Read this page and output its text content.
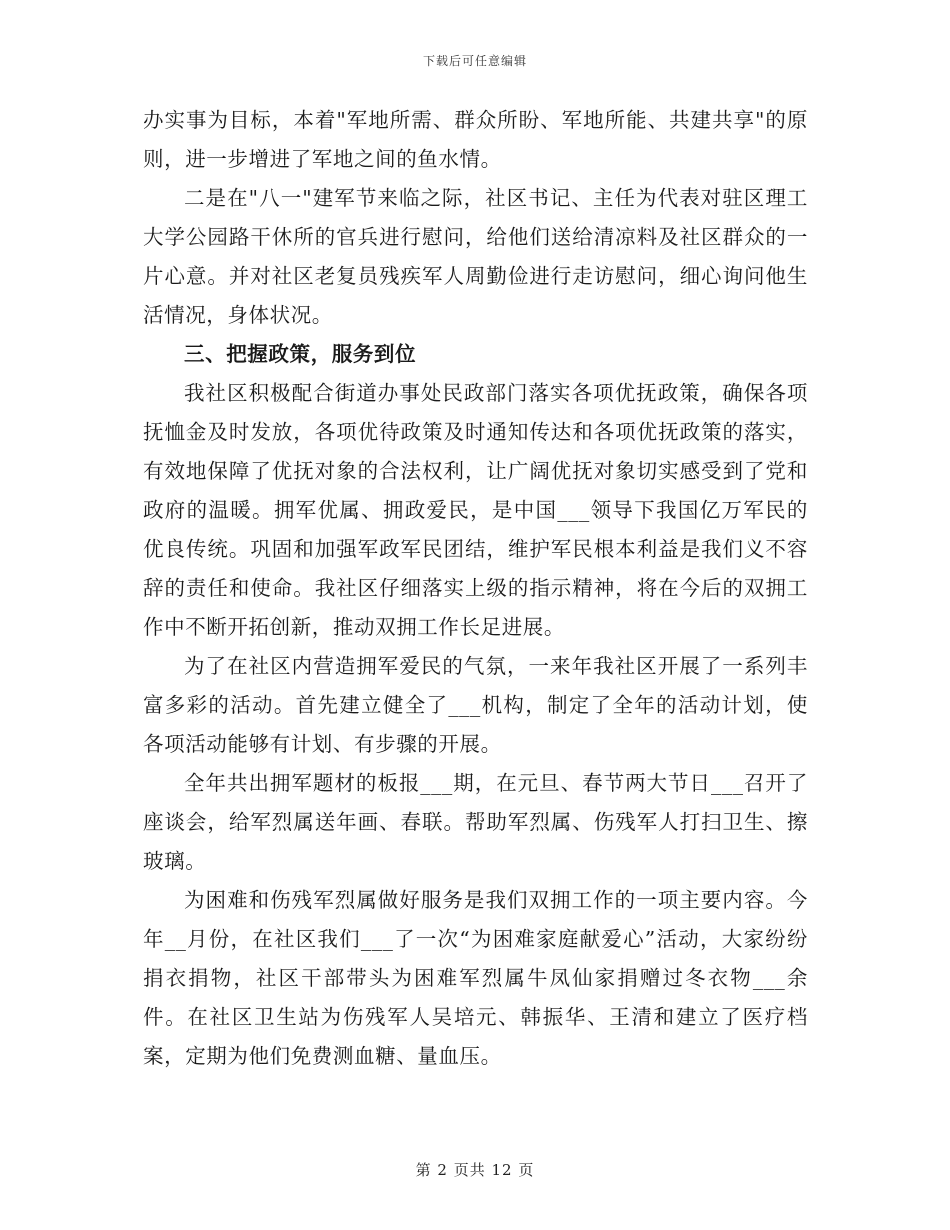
下载后可任意编辑

办实事为目标，本着"军地所需、群众所盼、军地所能、共建共享"的原则，进一步增进了军地之间的鱼水情。

二是在"八一"建军节来临之际，社区书记、主任为代表对驻区理工大学公园路干休所的官兵进行慰问，给他们送给清凉料及社区群众的一片心意。并对社区老复员残疾军人周勤俭进行走访慰问，细心询问他生活情况，身体状况。

三、把握政策，服务到位

我社区积极配合街道办事处民政部门落实各项优抚政策，确保各项抚恤金及时发放，各项优待政策及时通知传达和各项优抚政策的落实，有效地保障了优抚对象的合法权利，让广阔优抚对象切实感受到了党和政府的温暖。拥军优属、拥政爱民，是中国___领导下我国亿万军民的优良传统。巩固和加强军政军民团结，维护军民根本利益是我们义不容辞的责任和使命。我社区仔细落实上级的指示精神，将在今后的双拥工作中不断开拓创新，推动双拥工作长足进展。

为了在社区内营造拥军爱民的气氛，一来年我社区开展了一系列丰富多彩的活动。首先建立健全了___机构，制定了全年的活动计划，使各项活动能够有计划、有步骤的开展。

全年共出拥军题材的板报___期，在元旦、春节两大节日___召开了座谈会，给军烈属送年画、春联。帮助军烈属、伤残军人打扫卫生、擦玻璃。

为困难和伤残军烈属做好服务是我们双拥工作的一项主要内容。今年__月份，在社区我们___了一次“为困难家庭献爱心”活动，大家纷纷捐衣捐物，社区干部带头为困难军烈属牛凤仙家捐赠过冬衣物___余件。在社区卫生站为伤残军人吴培元、韩振华、王清和建立了医疗档案，定期为他们免费测血糖、量血压。

第 2 页共 12 页
